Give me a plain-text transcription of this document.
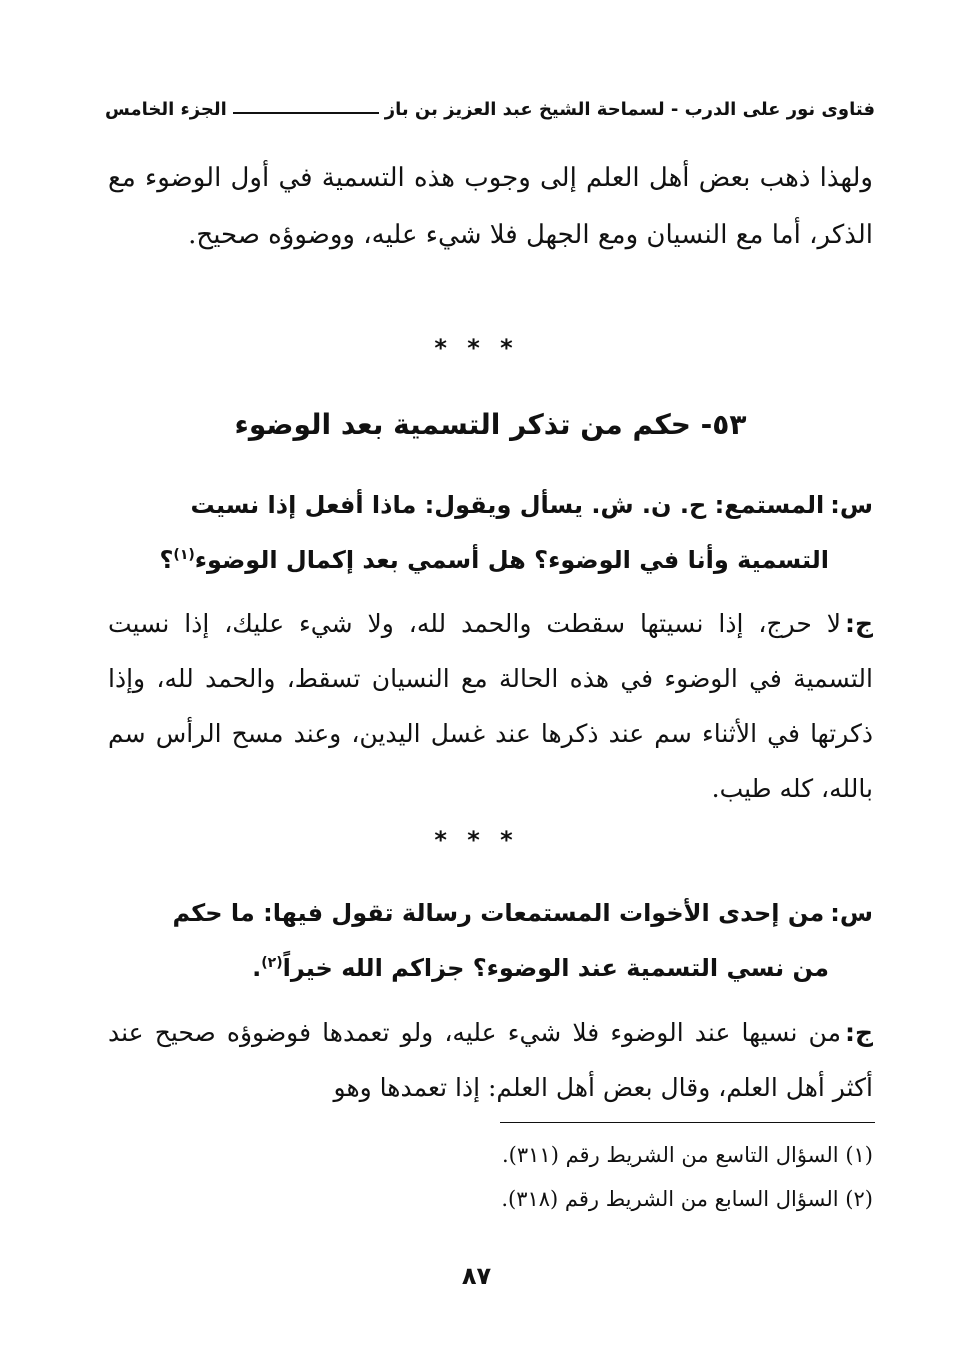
فتاوى نور على الدرب - لسماحة الشيخ عبد العزيز بن باز
الجزء الخامس
ولهذا ذهب بعض أهل العلم إلى وجوب هذه التسمية في أول الوضوء مع الذكر، أما مع النسيان ومع الجهل فلا شيء عليه، ووضوؤه صحيح.
* * *
٥٣- حكم من تذكر التسمية بعد الوضوء
س:المستمع: ح. ن. ش. يسأل ويقول: ماذا أفعل إذا نسيت
التسمية وأنا في الوضوء؟ هل أسمي بعد إكمال الوضوء$^{(١)}$؟
ج:لا حرج، إذا نسيتها سقطت والحمد لله، ولا شيء عليك، إذا نسيت التسمية في الوضوء في هذه الحالة مع النسيان تسقط، والحمد لله، وإذا ذكرتها في الأثناء سم عند ذكرها عند غسل اليدين، وعند مسح الرأس سم بالله، كله طيب.
* * *
س:من إحدى الأخوات المستمعات رسالة تقول فيها: ما حكم
من نسي التسمية عند الوضوء؟ جزاكم الله خيراً$^{(٢)}$.
ج:من نسيها عند الوضوء فلا شيء عليه، ولو تعمدها فوضوؤه صحيح عند أكثر أهل العلم، وقال بعض أهل العلم: إذا تعمدها وهو
(١) السؤال التاسع من الشريط رقم (٣١١).
(٢) السؤال السابع من الشريط رقم (٣١٨).
٨٧
